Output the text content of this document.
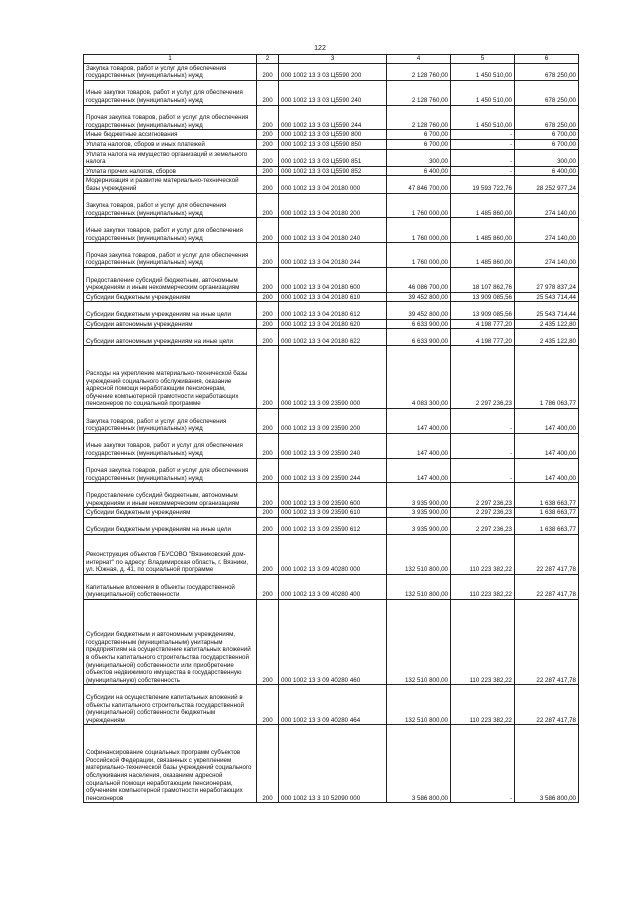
122
1	2	3	4	5	6
Закупка товаров, работ и услуг для обеспечения государственных (муниципальных) нужд	200	000 1002 13 3 03 Ц5590 200	2 128 760,00	1 450 510,00	678 250,00
Иные закупки товаров, работ и услуг для обеспечения государственных (муниципальных) нужд	200	000 1002 13 3 03 Ц5590 240	2 128 760,00	1 450 510,00	678 250,00
Прочая закупка товаров, работ и услуг для обеспечения государственных (муниципальных) нужд	200	000 1002 13 3 03 Ц5590 244	2 128 760,00	1 450 510,00	678 250,00
Иные бюджетные ассигнования	200	000 1002 13 3 03 Ц5590 800	6 700,00	-	6 700,00
Уплата налогов, сборов и иных платежей	200	000 1002 13 3 03 Ц5590 850	6 700,00	-	6 700,00
Уплата налога на имущество организаций и земельного налога	200	000 1002 13 3 03 Ц5590 851	300,00	-	300,00
Уплата прочих налогов, сборов	200	000 1002 13 3 03 Ц5590 852	6 400,00	-	6 400,00
Модернизация и развитие материально-технической базы учреждений	200	000 1002 13 3 04 20180 000	47 846 700,00	19 593 722,76	28 252 977,24
Закупка товаров, работ и услуг для обеспечения государственных (муниципальных) нужд	200	000 1002 13 3 04 20180 200	1 760 000,00	1 485 860,00	274 140,00
Иные закупки товаров, работ и услуг для обеспечения государственных (муниципальных) нужд	200	000 1002 13 3 04 20180 240	1 760 000,00	1 485 860,00	274 140,00
Прочая закупка товаров, работ и услуг для обеспечения государственных (муниципальных) нужд	200	000 1002 13 3 04 20180 244	1 760 000,00	1 485 860,00	274 140,00
Предоставление субсидий бюджетным, автономным учреждениям и иным некоммерческим организациям	200	000 1002 13 3 04 20180 600	46 086 700,00	18 107 862,76	27 978 837,24
Субсидии бюджетным учреждениям	200	000 1002 13 3 04 20180 610	39 452 800,00	13 909 085,56	25 543 714,44
Субсидии бюджетным учреждениям на иные цели	200	000 1002 13 3 04 20180 612	39 452 800,00	13 909 085,56	25 543 714,44
Субсидии автономным учреждениям	200	000 1002 13 3 04 20180 620	6 633 900,00	4 198 777,20	2 435 122,80
Субсидии автономным учреждениям на иные цели	200	000 1002 13 3 04 20180 622	6 633 900,00	4 198 777,20	2 435 122,80
Расходы на укрепление материально-технической базы учреждений социального обслуживания, оказание адресной помощи неработающим пенсионерам, обучение компьютерной грамотности неработающих пенсионеров по социальной программе	200	000 1002 13 3 09 23590 000	4 083 300,00	2 297 236,23	1 786 063,77
Закупка товаров, работ и услуг для обеспечения государственных (муниципальных) нужд	200	000 1002 13 3 09 23590 200	147 400,00	-	147 400,00
Иные закупки товаров, работ и услуг для обеспечения государственных (муниципальных) нужд	200	000 1002 13 3 09 23590 240	147 400,00	-	147 400,00
Прочая закупка товаров, работ и услуг для обеспечения государственных (муниципальных) нужд	200	000 1002 13 3 09 23590 244	147 400,00	-	147 400,00
Предоставление субсидий бюджетным, автономным учреждениям и иным некоммерческим организациям	200	000 1002 13 3 09 23590 600	3 935 900,00	2 297 236,23	1 638 663,77
Субсидии бюджетным учреждениям	200	000 1002 13 3 09 23590 610	3 935 900,00	2 297 236,23	1 638 663,77
Субсидии бюджетным учреждениям на иные цели	200	000 1002 13 3 09 23590 612	3 935 900,00	2 297 236,23	1 638 663,77
Реконструкция объектов ГБУСОВО "Вязниковский дом-интернат" по адресу: Владимирская область, г. Вязники, ул. Южная, д. 41, по социальной программе	200	000 1002 13 3 09 40280 000	132 510 800,00	110 223 382,22	22 287 417,78
Капитальные вложения в объекты государственной (муниципальной) собственности	200	000 1002 13 3 09 40280 400	132 510 800,00	110 223 382,22	22 287 417,78
Субсидии бюджетным и автономным учреждениям, государственным (муниципальным) унитарным предприятиям на осуществление капитальных вложений в объекты капитального строительства государственной (муниципальной) собственности или приобретение объектов недвижимого имущества в государственную (муниципальную) собственность	200	000 1002 13 3 09 40280 460	132 510 800,00	110 223 382,22	22 287 417,78
Субсидии на осуществление капитальных вложений в объекты капитального строительства государственной (муниципальной) собственности бюджетным учреждениям	200	000 1002 13 3 09 40280 464	132 510 800,00	110 223 382,22	22 287 417,78
Софинансирование социальных программ субъектов Российской Федерации, связанных с укреплением материально-технической базы учреждений социального обслуживания населения, оказанием адресной социальной помощи неработающим пенсионерам, обучением компьютерной грамотности неработающих пенсионеров	200	000 1002 13 3 10 52090 000	3 586 800,00	-	3 586 800,00
